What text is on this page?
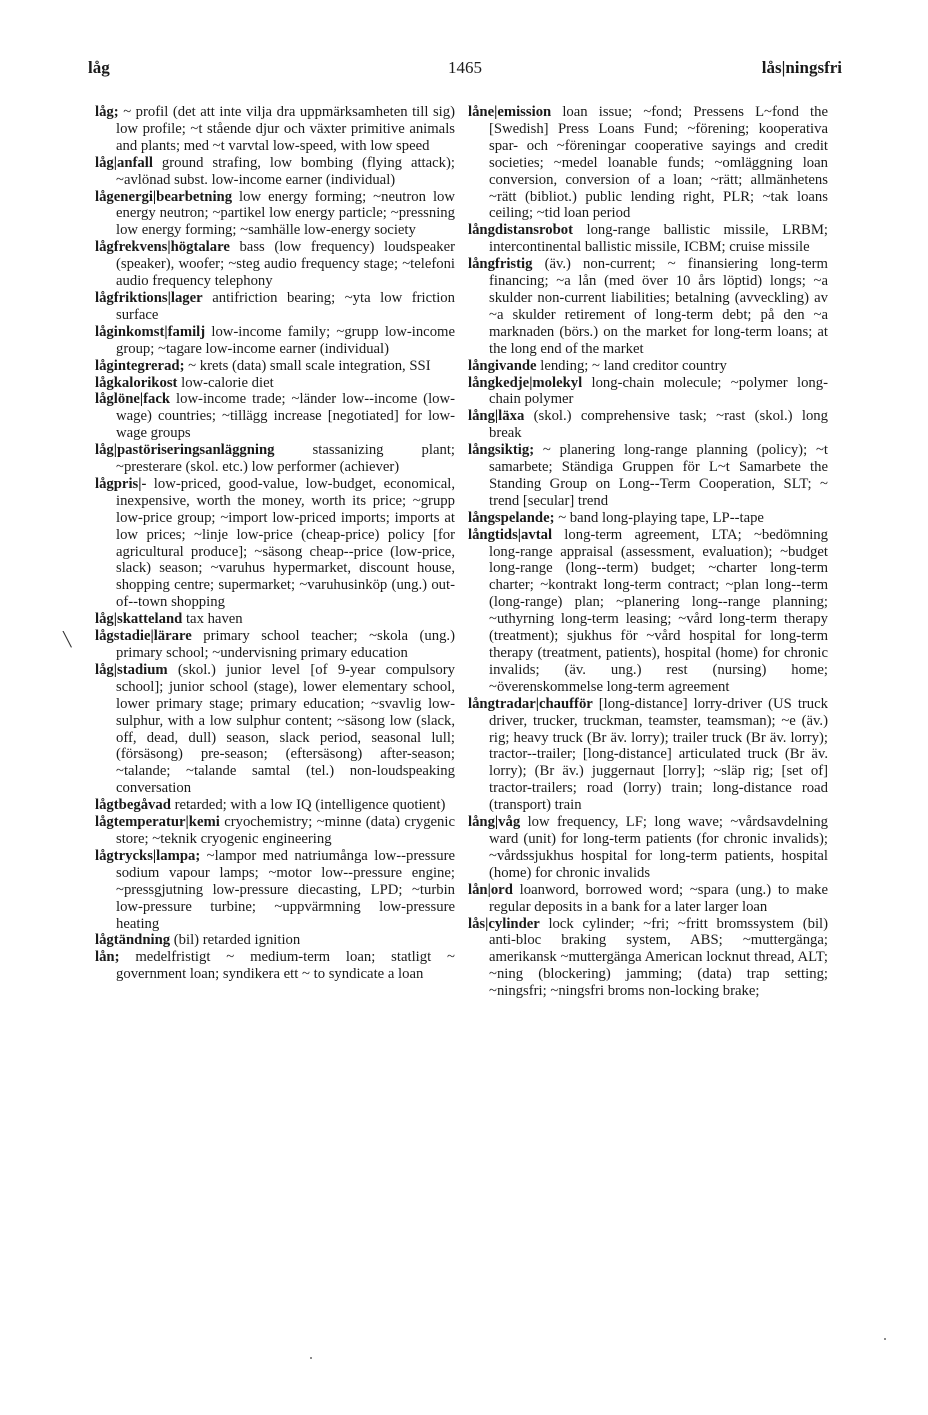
låg	1465	lås|ningsfri
╲

låg; ~ profil (det att inte vilja dra uppmärksamheten till sig) low profile; ~t stående djur och växter primitive animals and plants; med ~t varvtal low-speed, with low speed

låg|anfall ground strafing, low bombing (flying attack); ~avlönad subst. low-income earner (individual)

lågenergi|bearbetning low energy forming; ~neutron low energy neutron; ~partikel low energy particle; ~pressning low energy forming; ~samhälle low-energy society

lågfrekvens|högtalare bass (low frequency) loudspeaker (speaker), woofer; ~steg audio frequency stage; ~telefoni audio frequency telephony

lågfriktions|lager antifriction bearing; ~yta low friction surface

låginkomst|familj low-income family; ~grupp low-income group; ~tagare low-income earner (individual)

lågintegrerad; ~ krets (data) small scale integration, SSI

lågkalorikost low-calorie diet

låglöne|fack low-income trade; ~länder low--income (low-wage) countries; ~tillägg increase [negotiated] for low-wage groups

låg|pastöriseringsanläggning stassanizing plant; ~presterare (skol. etc.) low performer (achiever)

lågpris|- low-priced, good-value, low-budget, economical, inexpensive, worth the money, worth its price; ~grupp low-price group; ~import low-priced imports; imports at low prices; ~linje low-price (cheap-price) policy [for agricultural produce]; ~säsong cheap--price (low-price, slack) season; ~varuhus hypermarket, discount house, shopping centre; supermarket; ~varuhusinköp (ung.) out-of--town shopping

låg|skatteland tax haven

lågstadie|lärare primary school teacher; ~skola (ung.) primary school; ~undervisning primary education

låg|stadium (skol.) junior level [of 9-year compulsory school]; junior school (stage), lower elementary school, lower primary stage; primary education; ~svavlig low-sulphur, with a low sulphur content; ~säsong low (slack, off, dead, dull) season, slack period, seasonal lull; (försäsong) pre-season; (eftersäsong) after-season; ~talande; ~talande samtal (tel.) non-loudspeaking conversation

lågtbegåvad retarded; with a low IQ (intelligence quotient)

lågtemperatur|kemi cryochemistry; ~minne (data) crygenic store; ~teknik cryogenic engineering

lågtrycks|lampa; ~lampor med natriumånga low--pressure sodium vapour lamps; ~motor low--pressure engine; ~pressgjutning low-pressure diecasting, LPD; ~turbin low-pressure turbine; ~uppvärmning low-pressure heating

lågtändning (bil) retarded ignition

lån; medelfristigt ~ medium-term loan; statligt ~ government loan; syndikera ett ~ to syndicate a loan

låne|emission loan issue; ~fond; Pressens L~fond the [Swedish] Press Loans Fund; ~förening; kooperativa spar- och ~föreningar cooperative sayings and credit societies; ~medel loanable funds; ~omläggning loan conversion, conversion of a loan; ~rätt; allmänhetens ~rätt (bibliot.) public lending right, PLR; ~tak loans ceiling; ~tid loan period

långdistansrobot long-range ballistic missile, LRBM; intercontinental ballistic missile, ICBM; cruise missile

långfristig (äv.) non-current; ~ finansiering long-term financing; ~a lån (med över 10 års löptid) longs; ~a skulder non-current liabilities; betalning (avveckling) av ~a skulder retirement of long-term debt; på den ~a marknaden (börs.) on the market for long-term loans; at the long end of the market

långivande lending; ~ land creditor country

långkedje|molekyl long-chain molecule; ~polymer long-chain polymer

lång|läxa (skol.) comprehensive task; ~rast (skol.) long break

långsiktig; ~ planering long-range planning (policy); ~t samarbete; Ständiga Gruppen för L~t Samarbete the Standing Group on Long--Term Cooperation, SLT; ~ trend [secular] trend

långspelande; ~ band long-playing tape, LP--tape

långtids|avtal long-term agreement, LTA; ~bedömning long-range appraisal (assessment, evaluation); ~budget long-range (long--term) budget; ~charter long-term charter; ~kontrakt long-term contract; ~plan long--term (long-range) plan; ~planering long--range planning; ~uthyrning long-term leasing; ~vård long-term therapy (treatment); sjukhus för ~vård hospital for long-term therapy (treatment, patients), hospital (home) for chronic invalids; (äv. ung.) rest (nursing) home; ~överenskommelse long-term agreement

långtradar|chaufför [long-distance] lorry-driver (US truck driver, trucker, truckman, teamster, teamsman); ~e (äv.) rig; heavy truck (Br äv. lorry); trailer truck (Br äv. lorry); tractor--trailer; [long-distance] articulated truck (Br äv. lorry); (Br äv.) juggernaut [lorry]; ~släp rig; [set of] tractor-trailers; road (lorry) train; long-distance road (transport) train

lång|våg low frequency, LF; long wave; ~vårdsavdelning ward (unit) for long-term patients (for chronic invalids); ~vårdssjukhus hospital for long-term patients, hospital (home) for chronic invalids

lån|ord loanword, borrowed word; ~spara (ung.) to make regular deposits in a bank for a later larger loan

lås|cylinder lock cylinder; ~fri; ~fritt bromssystem (bil) anti-bloc braking system, ABS; ~muttergänga; amerikansk ~muttergänga American locknut thread, ALT; ~ning (blockering) jamming; (data) trap setting; ~ningsfri; ~ningsfri broms non-locking brake;
